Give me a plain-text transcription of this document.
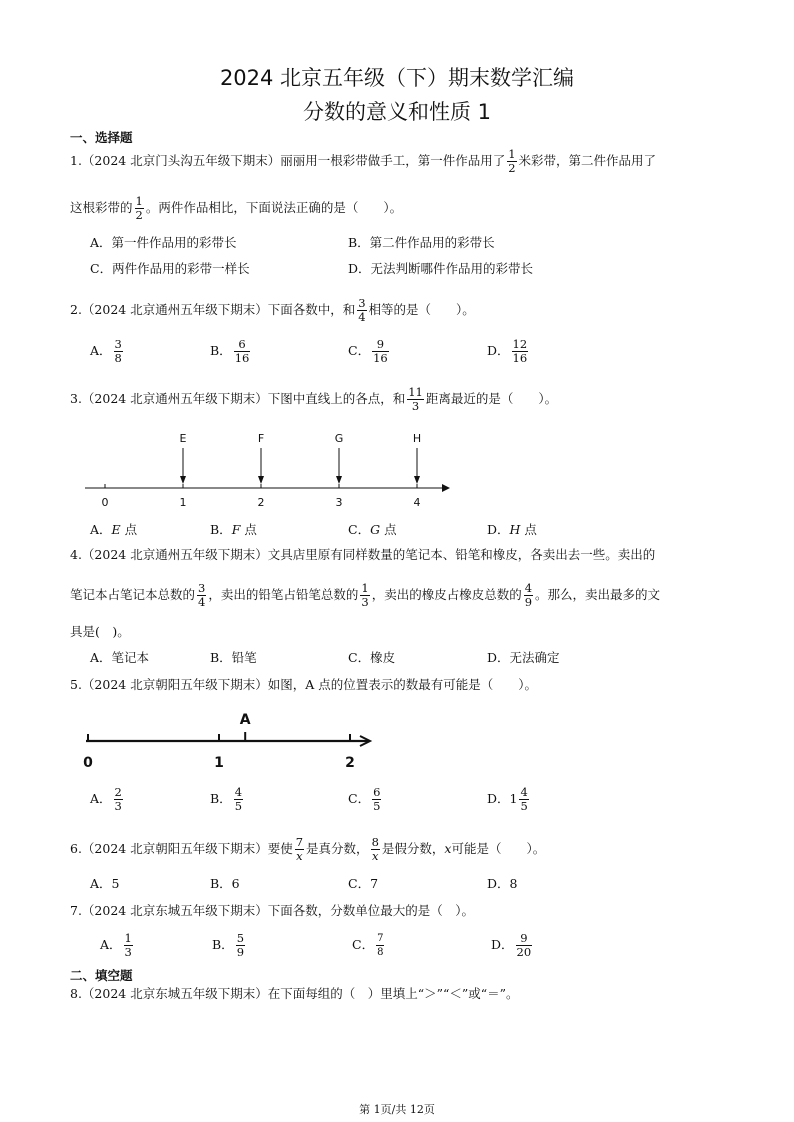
2024 北京五年级（下）期末数学汇编
分数的意义和性质 1
一、选择题
1.（2024 北京门头沟五年级下期末）丽丽用一根彩带做手工，第一件作品用了 $\frac{1}{2}$ 米彩带，第二件作品用了
这根彩带的 $\frac{1}{2}$ 。两件作品相比，下面说法正确的是（　　）。
A．第一件作品用的彩带长	B．第二件作品用的彩带长
C．两件作品用的彩带一样长	D．无法判断哪件作品用的彩带长
2.（2024 北京通州五年级下期末）下面各数中，和 $\frac{3}{4}$ 相等的是（　　）。
A． $\frac{3}{8}$	B． $\frac{6}{16}$	C． $\frac{9}{16}$	D． $\frac{12}{16}$
3.（2024 北京通州五年级下期末）下图中直线上的各点，和 $\frac{11}{3}$ 距离最近的是（　　）。
0	1	2	3	4
E	F	G	H
A．E 点	B．F 点	C．G 点	D．H 点
4.（2024 北京通州五年级下期末）文具店里原有同样数量的笔记本、铅笔和橡皮，各卖出去一些。卖出的
笔记本占笔记本总数的 $\frac{3}{4}$ ，卖出的铅笔占铅笔总数的 $\frac{1}{3}$ ，卖出的橡皮占橡皮总数的 $\frac{4}{9}$ 。那么，卖出最多的文
具是(　)。
A．笔记本	B．铅笔	C．橡皮	D．无法确定
5.（2024 北京朝阳五年级下期末）如图，A 点的位置表示的数最有可能是（　　）。
0	1	2
A
A． $\frac{2}{3}$	B． $\frac{4}{5}$	C． $\frac{6}{5}$	D．$1 \frac{4}{5}$
6.（2024 北京朝阳五年级下期末）要使 $\frac{7}{x}$ 是真分数， $\frac{8}{x}$ 是假分数，x可能是（　　）。
A．5	B．6	C．7	D．8
7.（2024 北京东城五年级下期末）下面各数，分数单位最大的是（　）。
A． $\frac{1}{3}$	B． $\frac{5}{9}$	C． $\frac{7}{8}$	D． $\frac{9}{20}$
二、填空题
8.（2024 北京东城五年级下期末）在下面每组的（　）里填上“＞”“＜”或“＝”。
第 1页/共 12页
